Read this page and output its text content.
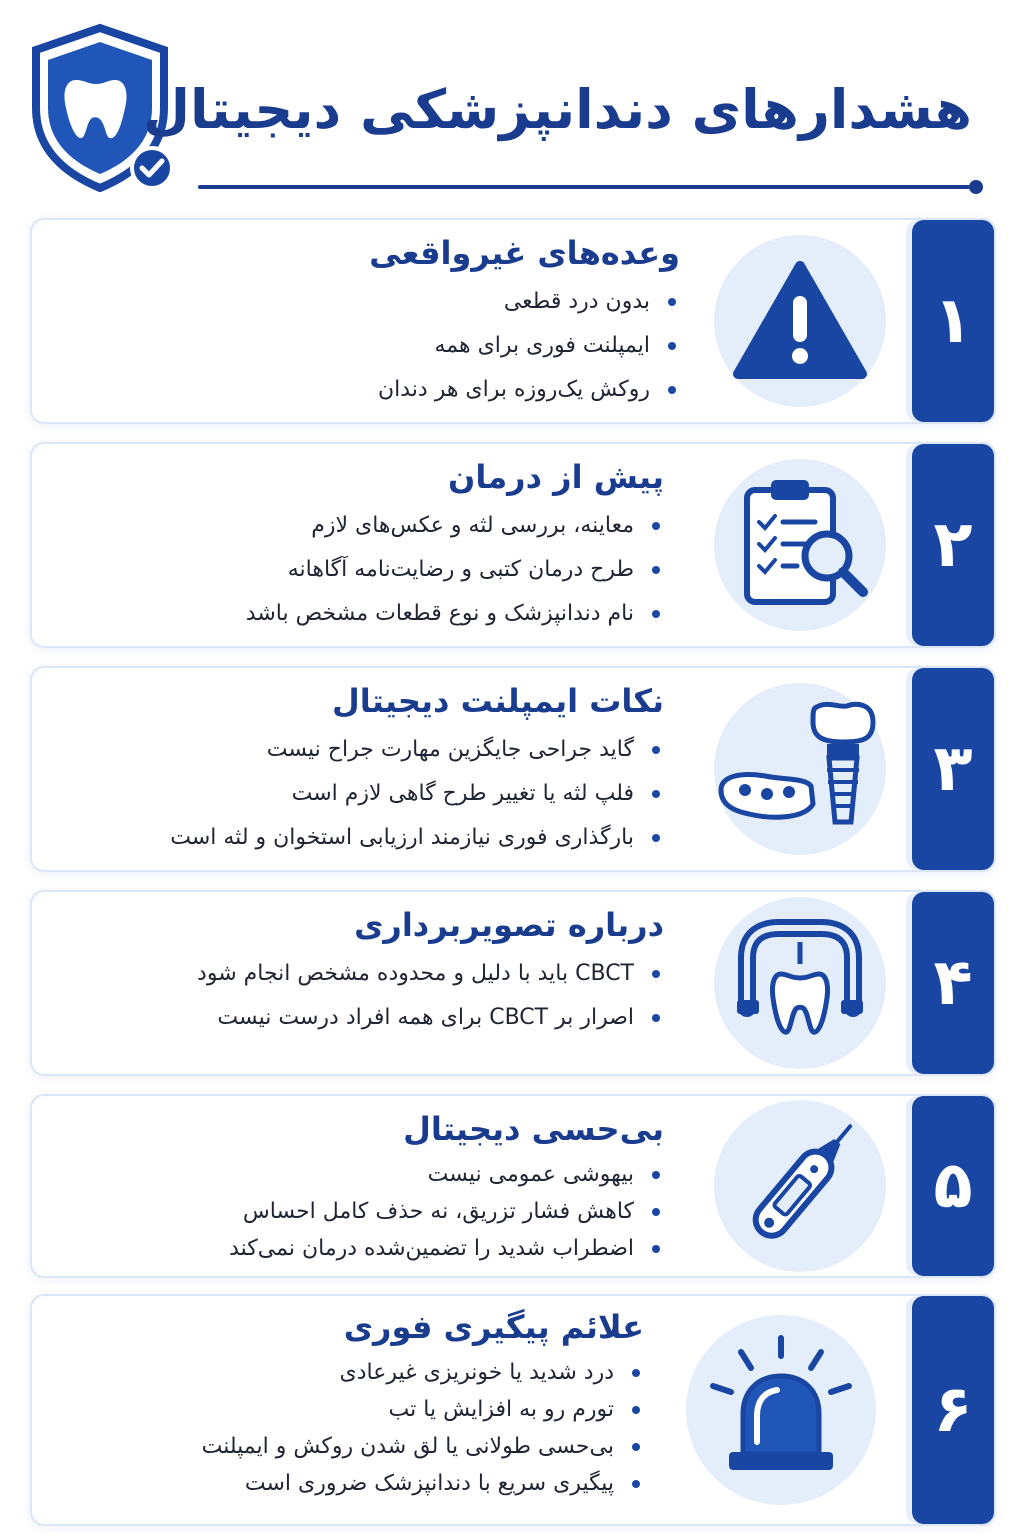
هشدارهای دندانپزشکی دیجیتال
۱
وعده‌های غیرواقعی
بدون درد قطعی
ایمپلنت فوری برای همه
روکش یک‌روزه برای هر دندان
۲
پیش از درمان
معاینه، بررسی لثه و عکس‌های لازم
طرح درمان کتبی و رضایت‌نامه آگاهانه
نام دندانپزشک و نوع قطعات مشخص باشد
۳
نکات ایمپلنت دیجیتال
گاید جراحی جایگزین مهارت جراح نیست
فلپ لثه یا تغییر طرح گاهی لازم است
بارگذاری فوری نیازمند ارزیابی استخوان و لثه است
۴
درباره تصویربرداری
CBCT باید با دلیل و محدوده مشخص انجام شود
اصرار بر CBCT برای همه افراد درست نیست
۵
بی‌حسی دیجیتال
بیهوشی عمومی نیست
کاهش فشار تزریق، نه حذف کامل احساس
اضطراب شدید را تضمین‌شده درمان نمی‌کند
۶
علائم پیگیری فوری
درد شدید یا خونریزی غیرعادی
تورم رو به افزایش یا تب
بی‌حسی طولانی یا لق شدن روکش و ایمپلنت
پیگیری سریع با دندانپزشک ضروری است
